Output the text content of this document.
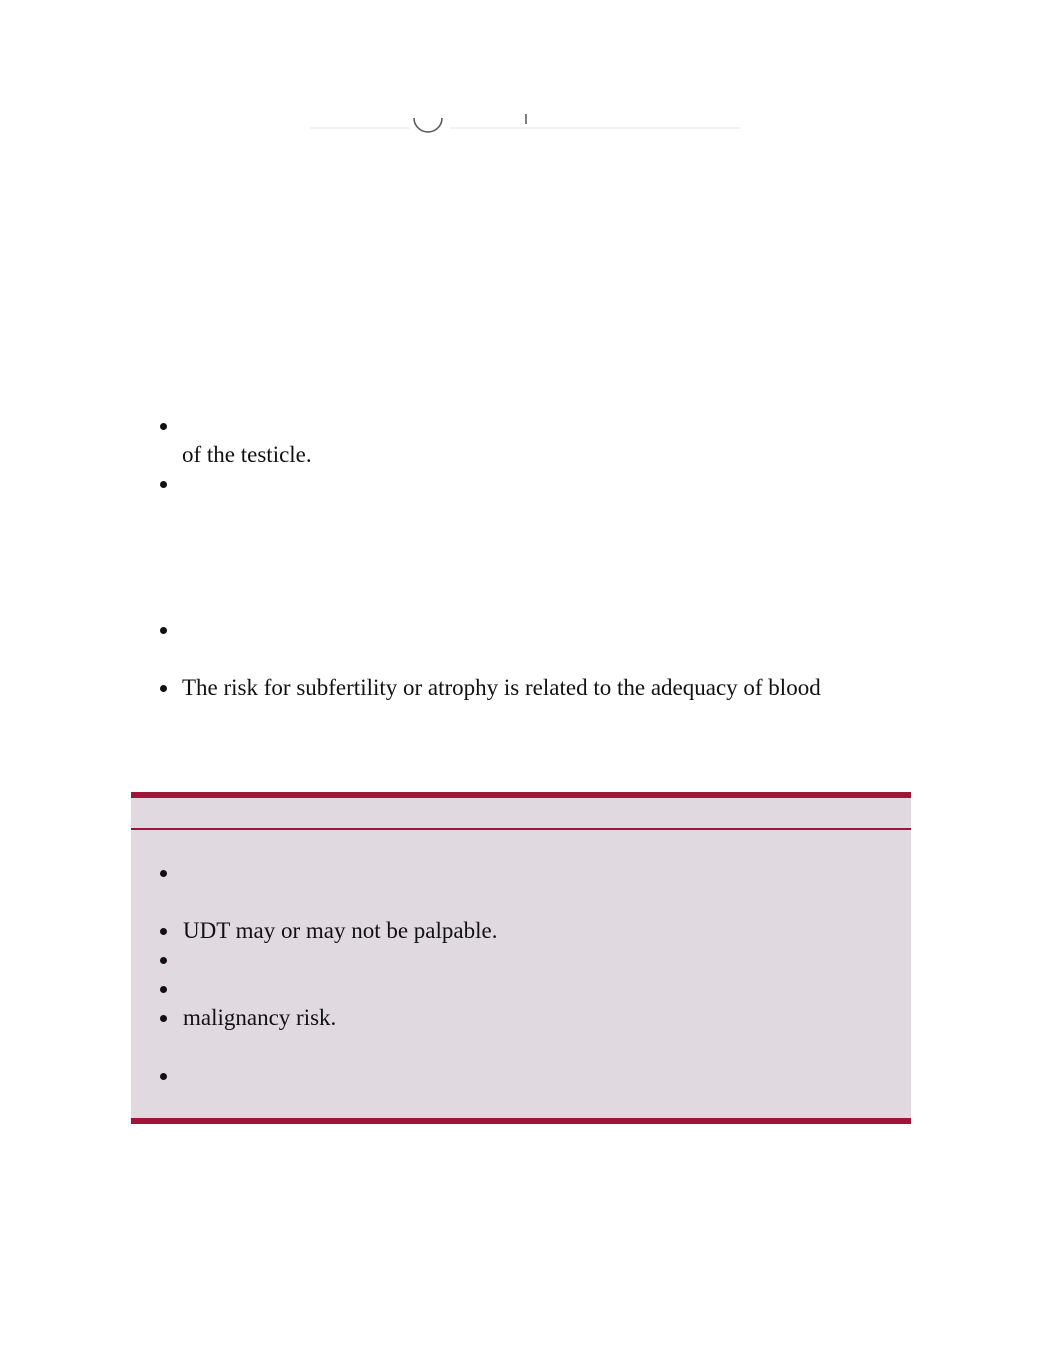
of the testicle.
The risk for subfertility or atrophy is related to the adequacy of blood
UDT may or may not be palpable.
malignancy risk.
